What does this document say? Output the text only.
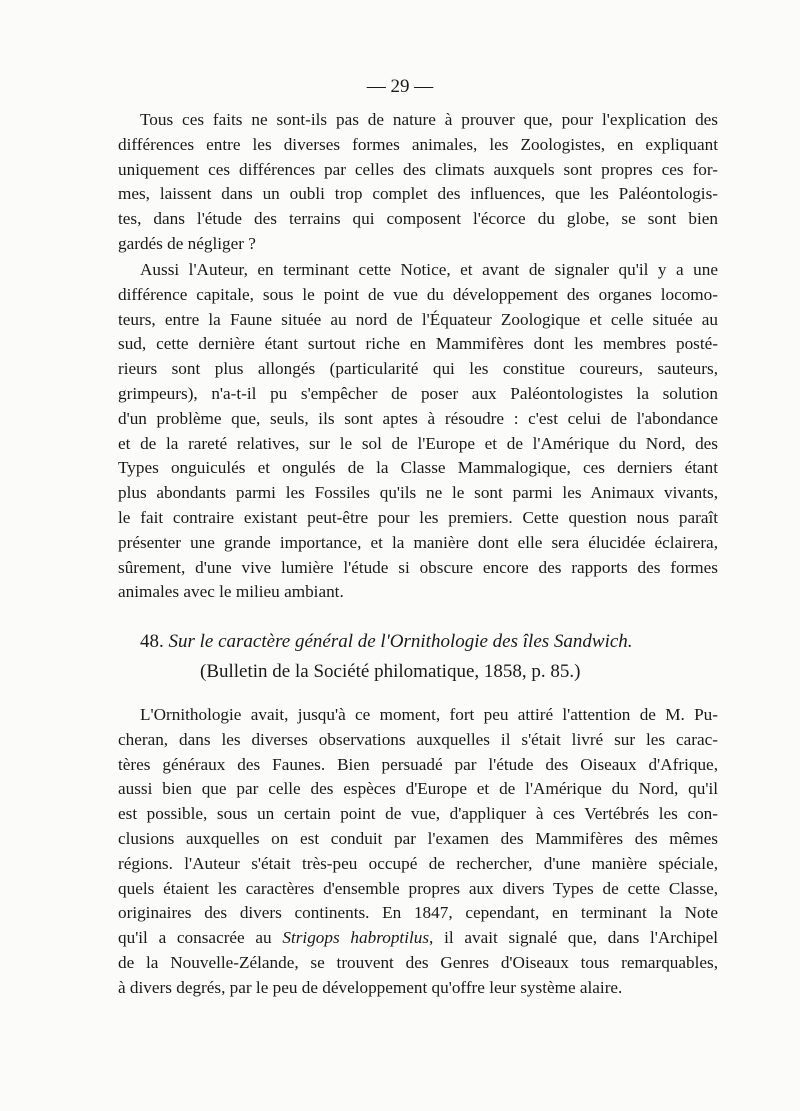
— 29 —

Tous ces faits ne sont-ils pas de nature à prouver que, pour l'explication des
différences entre les diverses formes animales, les Zoologistes, en expliquant
uniquement ces différences par celles des climats auxquels sont propres ces for-
mes, laissent dans un oubli trop complet des influences, que les Paléontologis-
tes, dans l'étude des terrains qui composent l'écorce du globe, se sont bien
gardés de négliger ?

Aussi l'Auteur, en terminant cette Notice, et avant de signaler qu'il y a une
différence capitale, sous le point de vue du développement des organes locomo-
teurs, entre la Faune située au nord de l'Équateur Zoologique et celle située au
sud, cette dernière étant surtout riche en Mammifères dont les membres posté-
rieurs sont plus allongés (particularité qui les constitue coureurs, sauteurs,
grimpeurs), n'a-t-il pu s'empêcher de poser aux Paléontologistes la solution
d'un problème que, seuls, ils sont aptes à résoudre : c'est celui de l'abondance
et de la rareté relatives, sur le sol de l'Europe et de l'Amérique du Nord, des
Types onguiculés et ongulés de la Classe Mammalogique, ces derniers étant
plus abondants parmi les Fossiles qu'ils ne le sont parmi les Animaux vivants,
le fait contraire existant peut-être pour les premiers. Cette question nous paraît
présenter une grande importance, et la manière dont elle sera élucidée éclairera,
sûrement, d'une vive lumière l'étude si obscure encore des rapports des formes
animales avec le milieu ambiant.

48. Sur le caractère général de l'Ornithologie des îles Sandwich.
(Bulletin de la Société philomatique, 1858, p. 85.)

L'Ornithologie avait, jusqu'à ce moment, fort peu attiré l'attention de M. Pu-
cheran, dans les diverses observations auxquelles il s'était livré sur les carac-
tères généraux des Faunes. Bien persuadé par l'étude des Oiseaux d'Afrique,
aussi bien que par celle des espèces d'Europe et de l'Amérique du Nord, qu'il
est possible, sous un certain point de vue, d'appliquer à ces Vertébrés les con-
clusions auxquelles on est conduit par l'examen des Mammifères des mêmes
régions. l'Auteur s'était très-peu occupé de rechercher, d'une manière spéciale,
quels étaient les caractères d'ensemble propres aux divers Types de cette Classe,
originaires des divers continents. En 1847, cependant, en terminant la Note
qu'il a consacrée au Strigops habroptilus, il avait signalé que, dans l'Archipel
de la Nouvelle-Zélande, se trouvent des Genres d'Oiseaux tous remarquables,
à divers degrés, par le peu de développement qu'offre leur système alaire.
